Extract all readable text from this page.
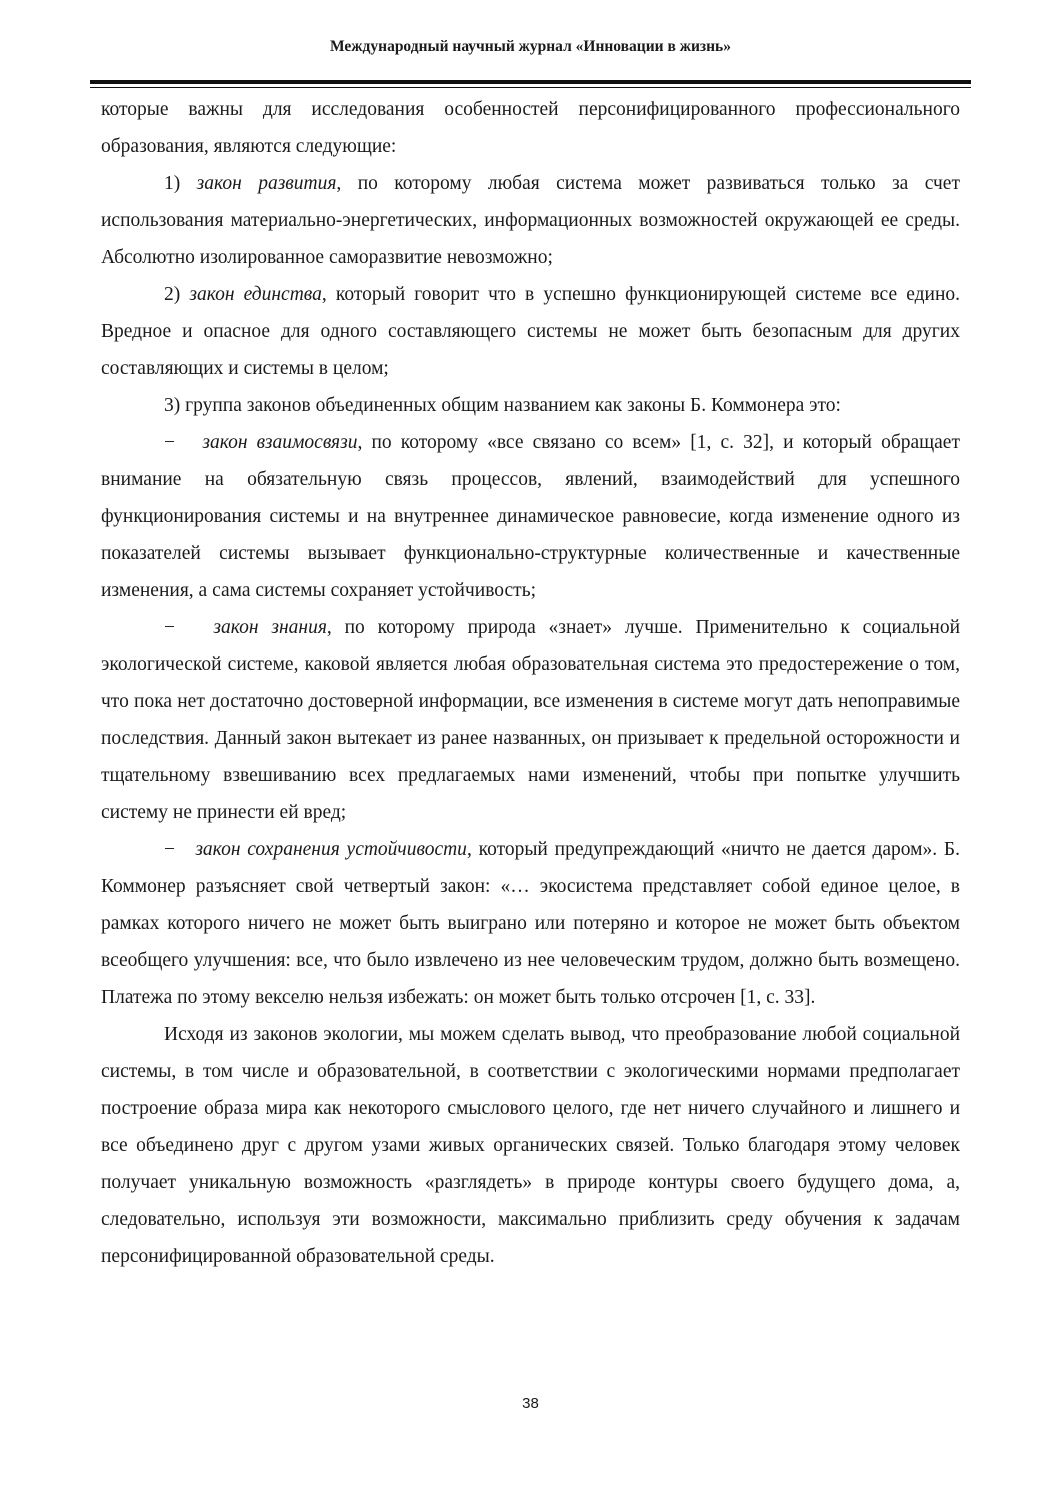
Международный научный журнал «Инновации в жизнь»

которые важны для исследования особенностей персонифицированного профессионального образования, являются следующие:

1) закон развития, по которому любая система может развиваться только за счет использования материально-энергетических, информационных возможностей окружающей ее среды. Абсолютно изолированное саморазвитие невозможно;

2) закон единства, который говорит что в успешно функционирующей системе все едино. Вредное и опасное для одного составляющего системы не может быть безопасным для других составляющих и системы в целом;

3) группа законов объединенных общим названием как законы Б. Коммонера это:

−   закон взаимосвязи, по которому «все связано со всем» [1, с. 32], и который обращает внимание на обязательную связь процессов, явлений, взаимодействий для успешного функционирования системы и на внутреннее динамическое равновесие, когда изменение одного из показателей системы вызывает функционально-структурные количественные и качественные изменения, а сама системы сохраняет устойчивость;

−   закон знания, по которому природа «знает» лучше. Применительно к социальной экологической системе, каковой является любая образовательная система это предостережение о том, что пока нет достаточно достоверной информации, все изменения в системе могут дать непоправимые последствия. Данный закон вытекает из ранее названных, он призывает к предельной осторожности и тщательному взвешиванию всех предлагаемых нами изменений, чтобы при попытке улучшить систему не принести ей вред;

−   закон сохранения устойчивости, который предупреждающий «ничто не дается даром». Б. Коммонер разъясняет свой четвертый закон: «… экосистема представляет собой единое целое, в рамках которого ничего не может быть выиграно или потеряно и которое не может быть объектом всеобщего улучшения: все, что было извлечено из нее человеческим трудом, должно быть возмещено. Платежа по этому векселю нельзя избежать: он может быть только отсрочен [1, с. 33].

Исходя из законов экологии, мы можем сделать вывод, что преобразование любой социальной системы, в том числе и образовательной, в соответствии с экологическими нормами предполагает построение образа мира как некоторого смыслового целого, где нет ничего случайного и лишнего и все объединено друг с другом узами живых органических связей. Только благодаря этому человек получает уникальную возможность «разглядеть» в природе контуры своего будущего дома, а, следовательно, используя эти возможности, максимально приблизить среду обучения к задачам персонифицированной образовательной среды.

38
